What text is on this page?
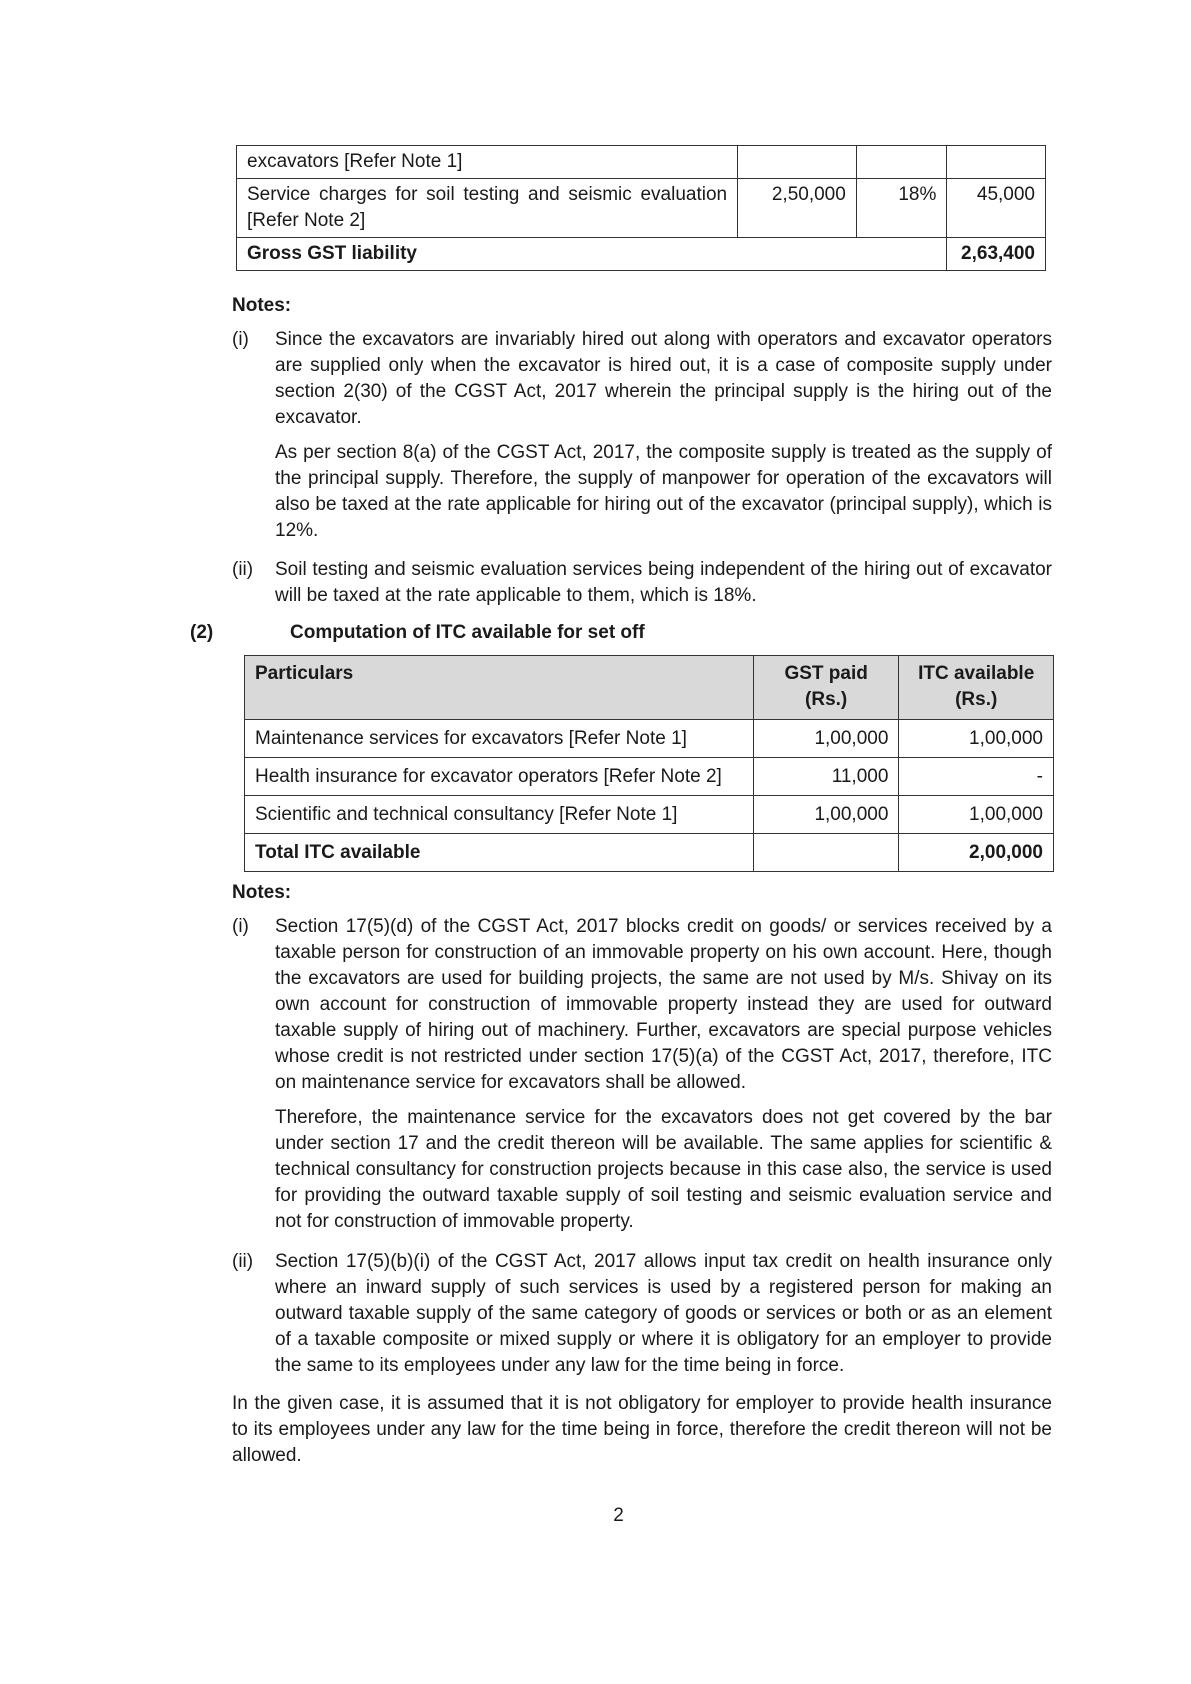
excavators [Refer Note 1]			
Service charges for soil testing and seismic evaluation [Refer Note 2]	2,50,000	18%	45,000
Gross GST liability			2,63,400
Notes:
(i) Since the excavators are invariably hired out along with operators and excavator operators are supplied only when the excavator is hired out, it is a case of composite supply under section 2(30) of the CGST Act, 2017 wherein the principal supply is the hiring out of the excavator.
As per section 8(a) of the CGST Act, 2017, the composite supply is treated as the supply of the principal supply. Therefore, the supply of manpower for operation of the excavators will also be taxed at the rate applicable for hiring out of the excavator (principal supply), which is 12%.
(ii) Soil testing and seismic evaluation services being independent of the hiring out of excavator will be taxed at the rate applicable to them, which is 18%.
(2)	Computation of ITC available for set off
Particulars	GST paid (Rs.)	ITC available (Rs.)
Maintenance services for excavators [Refer Note 1]	1,00,000	1,00,000
Health insurance for excavator operators [Refer Note 2]	11,000	-
Scientific and technical consultancy [Refer Note 1]	1,00,000	1,00,000
Total ITC available		2,00,000
Notes:
(i) Section 17(5)(d) of the CGST Act, 2017 blocks credit on goods/ or services received by a taxable person for construction of an immovable property on his own account. Here, though the excavators are used for building projects, the same are not used by M/s. Shivay on its own account for construction of immovable property instead they are used for outward taxable supply of hiring out of machinery. Further, excavators are special purpose vehicles whose credit is not restricted under section 17(5)(a) of the CGST Act, 2017, therefore, ITC on maintenance service for excavators shall be allowed.
Therefore, the maintenance service for the excavators does not get covered by the bar under section 17 and the credit thereon will be available. The same applies for scientific & technical consultancy for construction projects because in this case also, the service is used for providing the outward taxable supply of soil testing and seismic evaluation service and not for construction of immovable property.
(ii) Section 17(5)(b)(i) of the CGST Act, 2017 allows input tax credit on health insurance only where an inward supply of such services is used by a registered person for making an outward taxable supply of the same category of goods or services or both or as an element of a taxable composite or mixed supply or where it is obligatory for an employer to provide the same to its employees under any law for the time being in force.
In the given case, it is assumed that it is not obligatory for employer to provide health insurance to its employees under any law for the time being in force, therefore the credit thereon will not be allowed.
2
